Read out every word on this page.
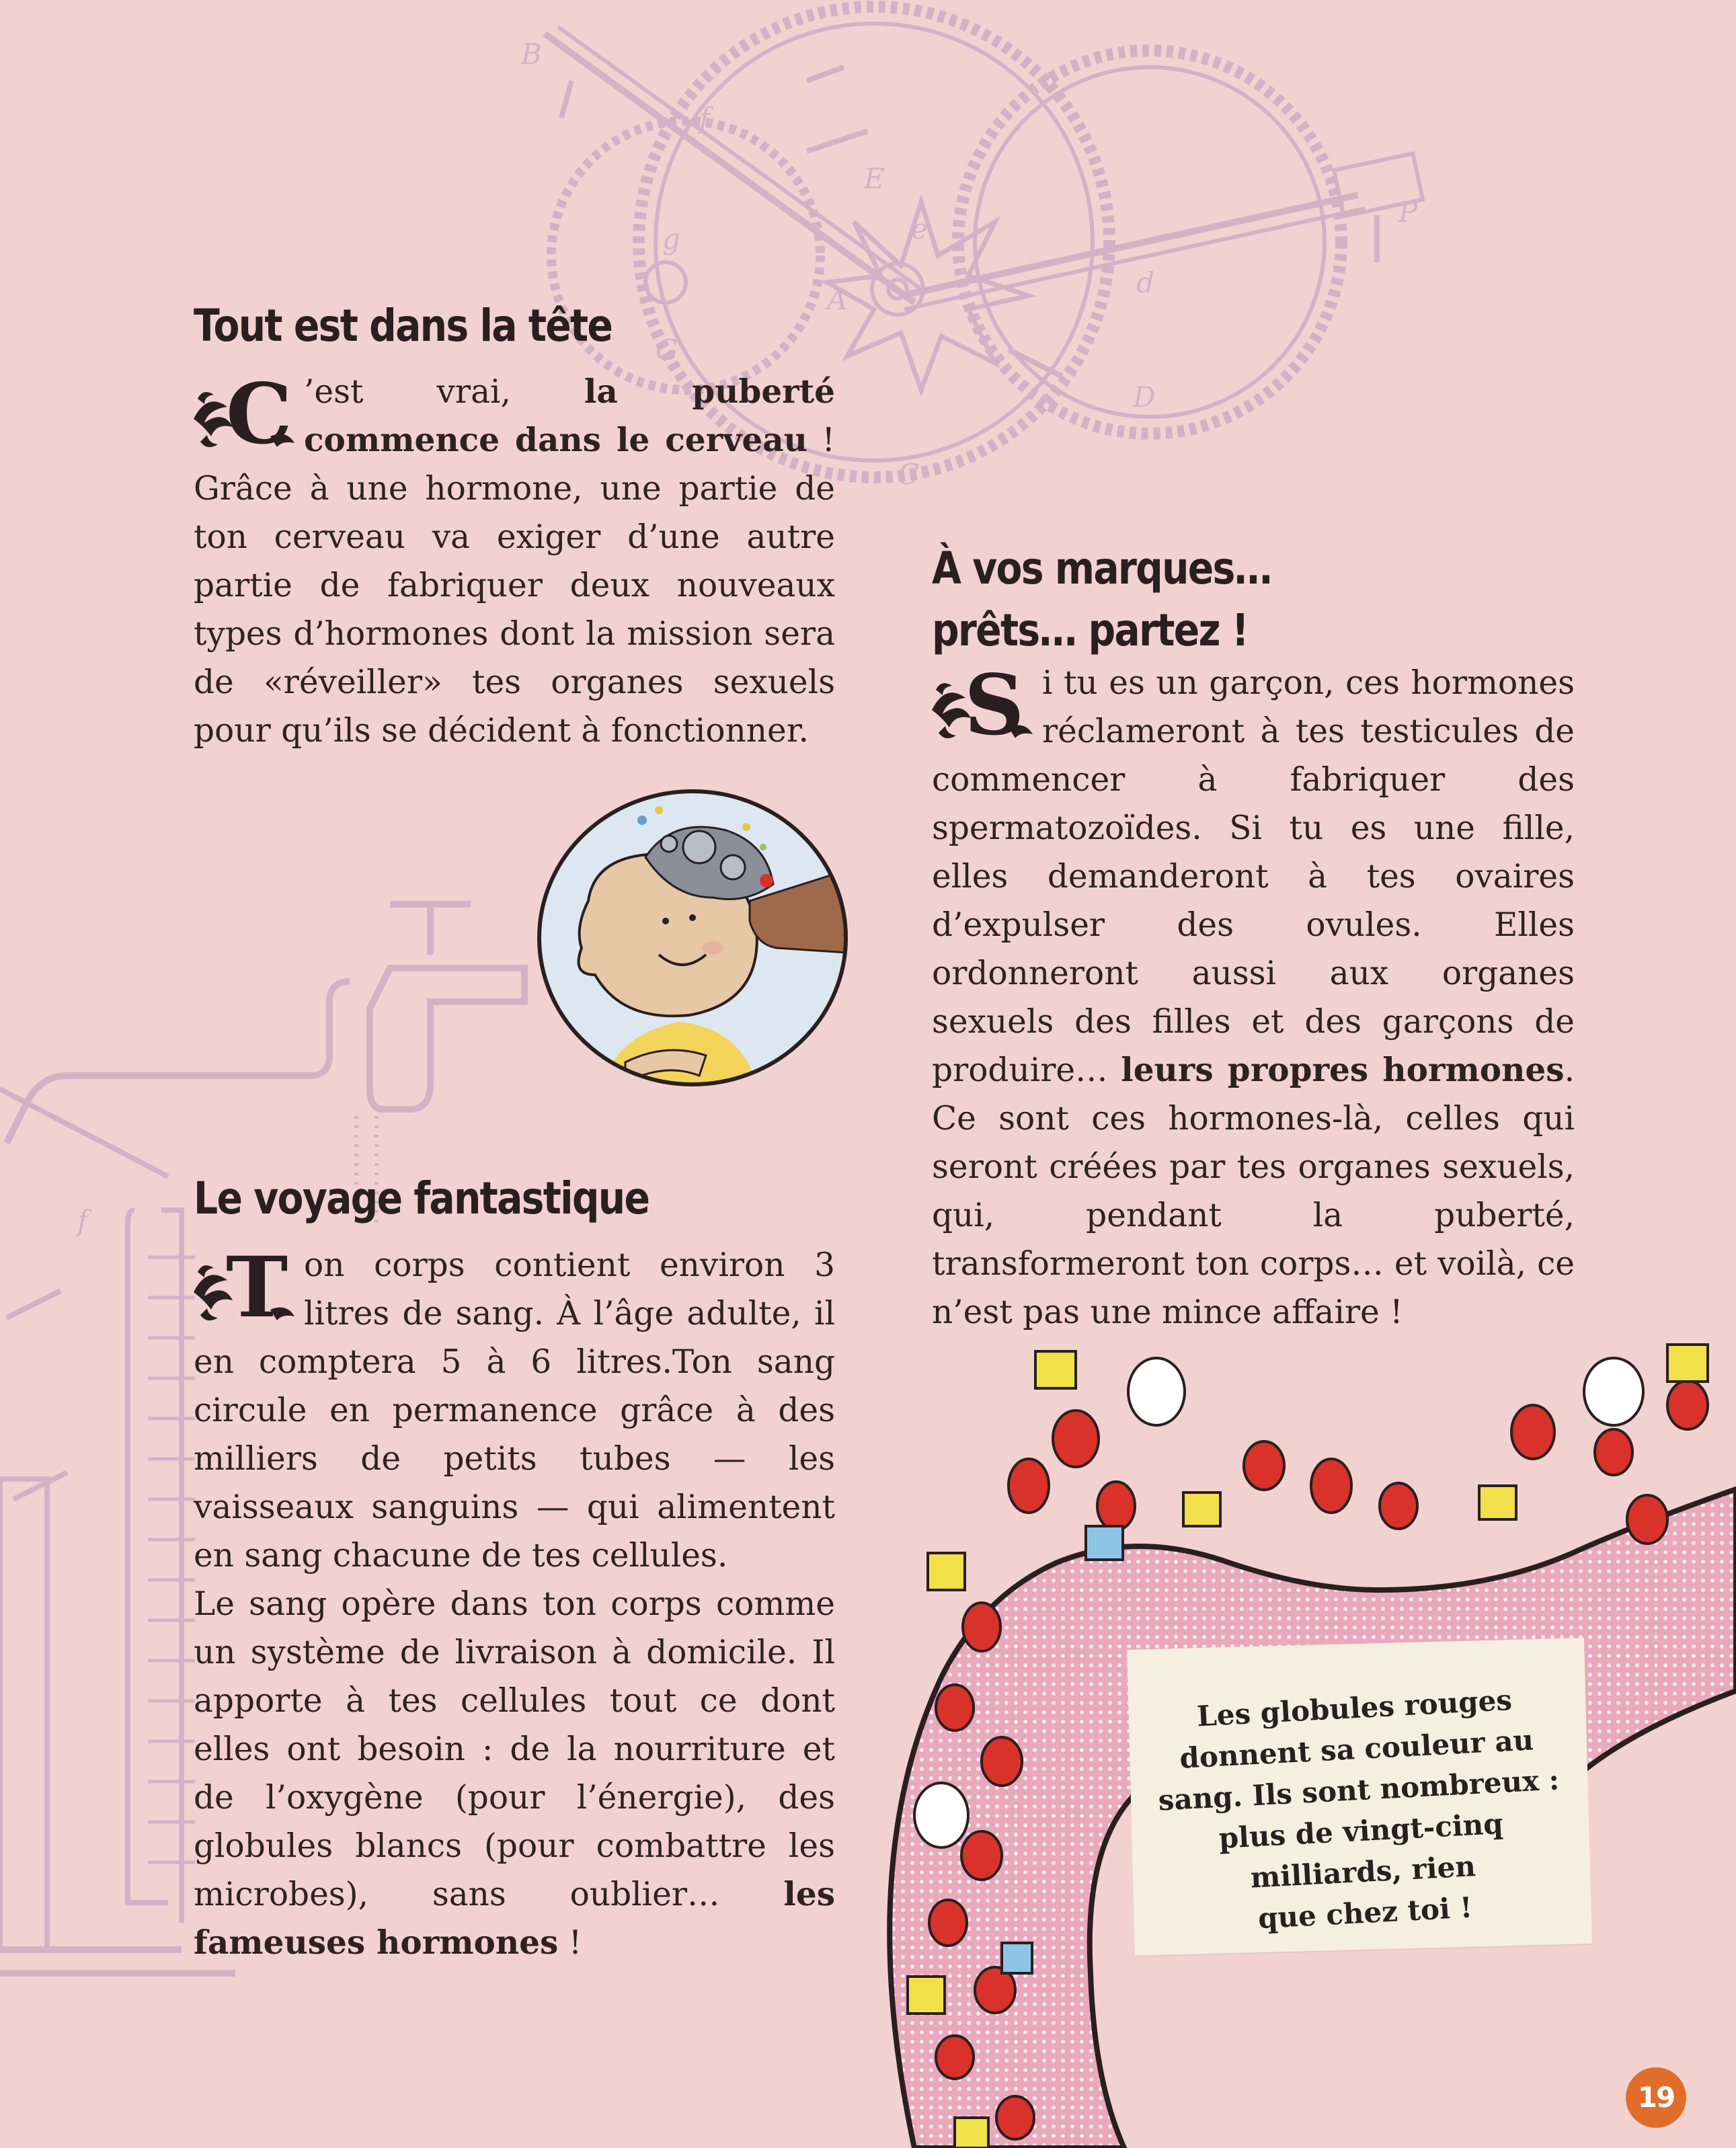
B
f
E
e
g
G
A
D
d
C
P
f
Tout est dans la tête
À vos marques… prêts… partez !
Le voyage fantastique

C ’est vrai, la puberté commence dans le cerveau ! Grâce à une hormone, une partie de ton cerveau va exiger d’une autre partie de fabriquer deux nouveaux types d’hormones dont la mission sera de «réveiller» tes organes sexuels pour qu’ils se décident à fonctionner.	S i tu es un garçon, ces hormones réclameront à tes testicules de commencer à fabriquer des spermatozoïdes. Si tu es une fille, elles demanderont à tes ovaires d’expulser des ovules. Elles ordonneront aussi aux organes sexuels des filles et des garçons de produire… leurs propres hormones. Ce sont ces hormones-là, celles qui seront créées par tes organes sexuels, qui, pendant la puberté, transformeront ton corps… et voilà, ce n’est pas une mince affaire !

T on corps contient environ 3 litres de sang. À l’âge adulte, il en comptera 5 à 6 litres.Ton sang circule en permanence grâce à des milliers de petits tubes — les vaisseaux sanguins — qui alimentent en sang chacune de tes cellules.
Le sang opère dans ton corps comme un système de livraison à domicile. Il apporte à tes cellules tout ce dont elles ont besoin : de la nourriture et de l’oxygène (pour l’énergie), des globules blancs (pour combattre les microbes), sans oublier… les fameuses hormones !

Les globules rouges
donnent sa couleur au
sang. Ils sont nombreux :
plus de vingt-cinq
milliards, rien
que chez toi !

19
